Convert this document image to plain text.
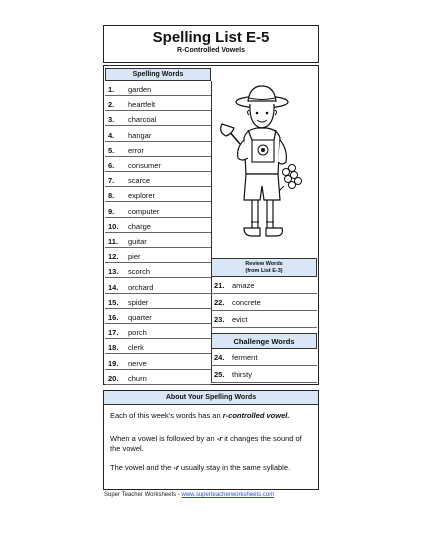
Spelling List E-5
R-Controlled Vowels
Spelling Words
1. garden
2. heartfelt
3. charcoal
4. hangar
5. error
6. consumer
7. scarce
8. explorer
9. computer
10. charge
11. guitar
12. pier
13. scorch
14. orchard
15. spider
16. quarter
17. porch
18. clerk
19. nerve
20. churn
Review Words
(from List E-3)
21. amaze
22. concrete
23. evict
Challenge Words
24. ferment
25. thirsty
About Your Spelling Words
Each of this week's words has an r-controlled vowel.
When a vowel is followed by an -r it changes the sound of the vowel.
The vowel and the -r usually stay in the same syllable.
Super Teacher Worksheets - www.superteacherworksheets.com
